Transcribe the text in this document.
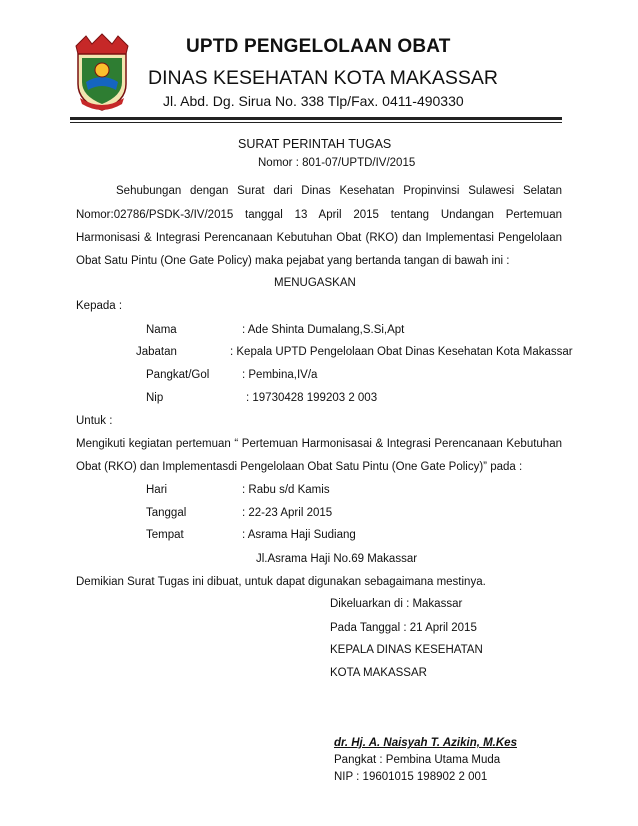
UPTD PENGELOLAAN OBAT
DINAS KESEHATAN KOTA MAKASSAR
Jl. Abd. Dg. Sirua No. 338 Tlp/Fax. 0411-490330
SURAT PERINTAH TUGAS
Nomor : 801-07/UPTD/IV/2015
Sehubungan dengan Surat dari Dinas Kesehatan Propinvinsi Sulawesi Selatan
Nomor:02786/PSDK-3/IV/2015 tanggal 13 April 2015 tentang Undangan Pertemuan
Harmonisasi & Integrasi Perencanaan Kebutuhan Obat (RKO) dan Implementasi Pengelolaan
Obat Satu Pintu (One Gate Policy) maka pejabat yang bertanda tangan di bawah ini :
MENUGASKAN
Kepada :
Nama	: Ade Shinta Dumalang,S.Si,Apt
Jabatan	: Kepala UPTD Pengelolaan Obat Dinas Kesehatan Kota Makassar
Pangkat/Gol	: Pembina,IV/a
Nip	: 19730428 199203 2 003
Untuk :
Mengikuti kegiatan pertemuan “ Pertemuan Harmonisasai & Integrasi Perencanaan Kebutuhan
Obat (RKO) dan Implementasdi Pengelolaan Obat Satu Pintu (One Gate Policy)” pada :
Hari	: Rabu s/d Kamis
Tanggal	: 22-23 April 2015
Tempat	: Asrama Haji Sudiang
Jl.Asrama Haji No.69 Makassar
Demikian Surat Tugas ini dibuat, untuk dapat digunakan sebagaimana mestinya.
Dikeluarkan di : Makassar
Pada Tanggal : 21 April 2015
KEPALA DINAS KESEHATAN
KOTA MAKASSAR
dr. Hj. A. Naisyah T. Azikin, M.Kes
Pangkat : Pembina Utama Muda
NIP : 19601015 198902 2 001
